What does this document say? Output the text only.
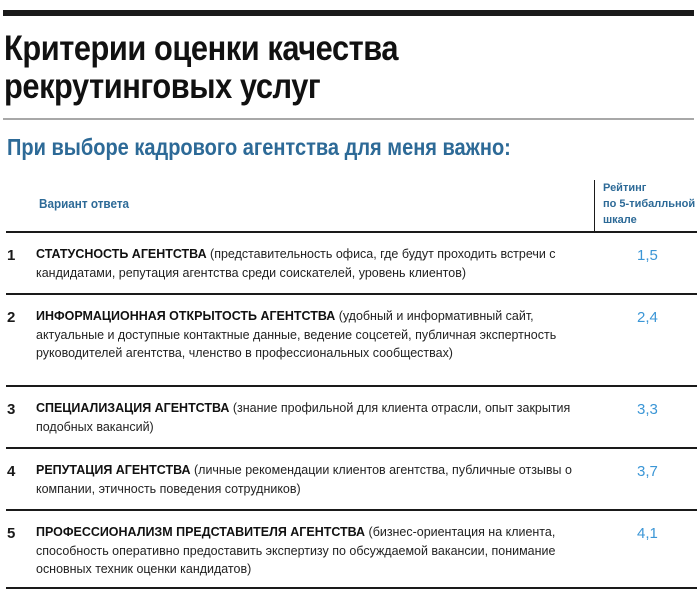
Критерии оценки качества
рекрутинговых услуг
При выборе кадрового агентства для меня важно:
Вариант ответа
Рейтинг
по 5-тибалльной
шкале
1 СТАТУСНОСТЬ АГЕНТСТВА (представительность офиса, где будут проходить встречи с кандидатами, репутация агентства среди соискателей, уровень клиентов)
1,5
2 ИНФОРМАЦИОННАЯ ОТКРЫТОСТЬ АГЕНТСТВА (удобный и информативный сайт, актуальные и доступные контактные данные, ведение соцсетей, публичная экспертность руководителей агентства, членство в профессиональных сообществах)
2,4
3 СПЕЦИАЛИЗАЦИЯ АГЕНТСТВА (знание профильной для клиента отрасли, опыт закрытия подобных вакансий)
3,3
4 РЕПУТАЦИЯ АГЕНТСТВА (личные рекомендации клиентов агентства, публичные отзывы о компании, этичность поведения сотрудников)
3,7
5 ПРОФЕССИОНАЛИЗМ ПРЕДСТАВИТЕЛЯ АГЕНТСТВА (бизнес-ориентация на клиента, способность оперативно предоставить экспертизу по обсуждаемой вакансии, понимание основных техник оценки кандидатов)
4,1
